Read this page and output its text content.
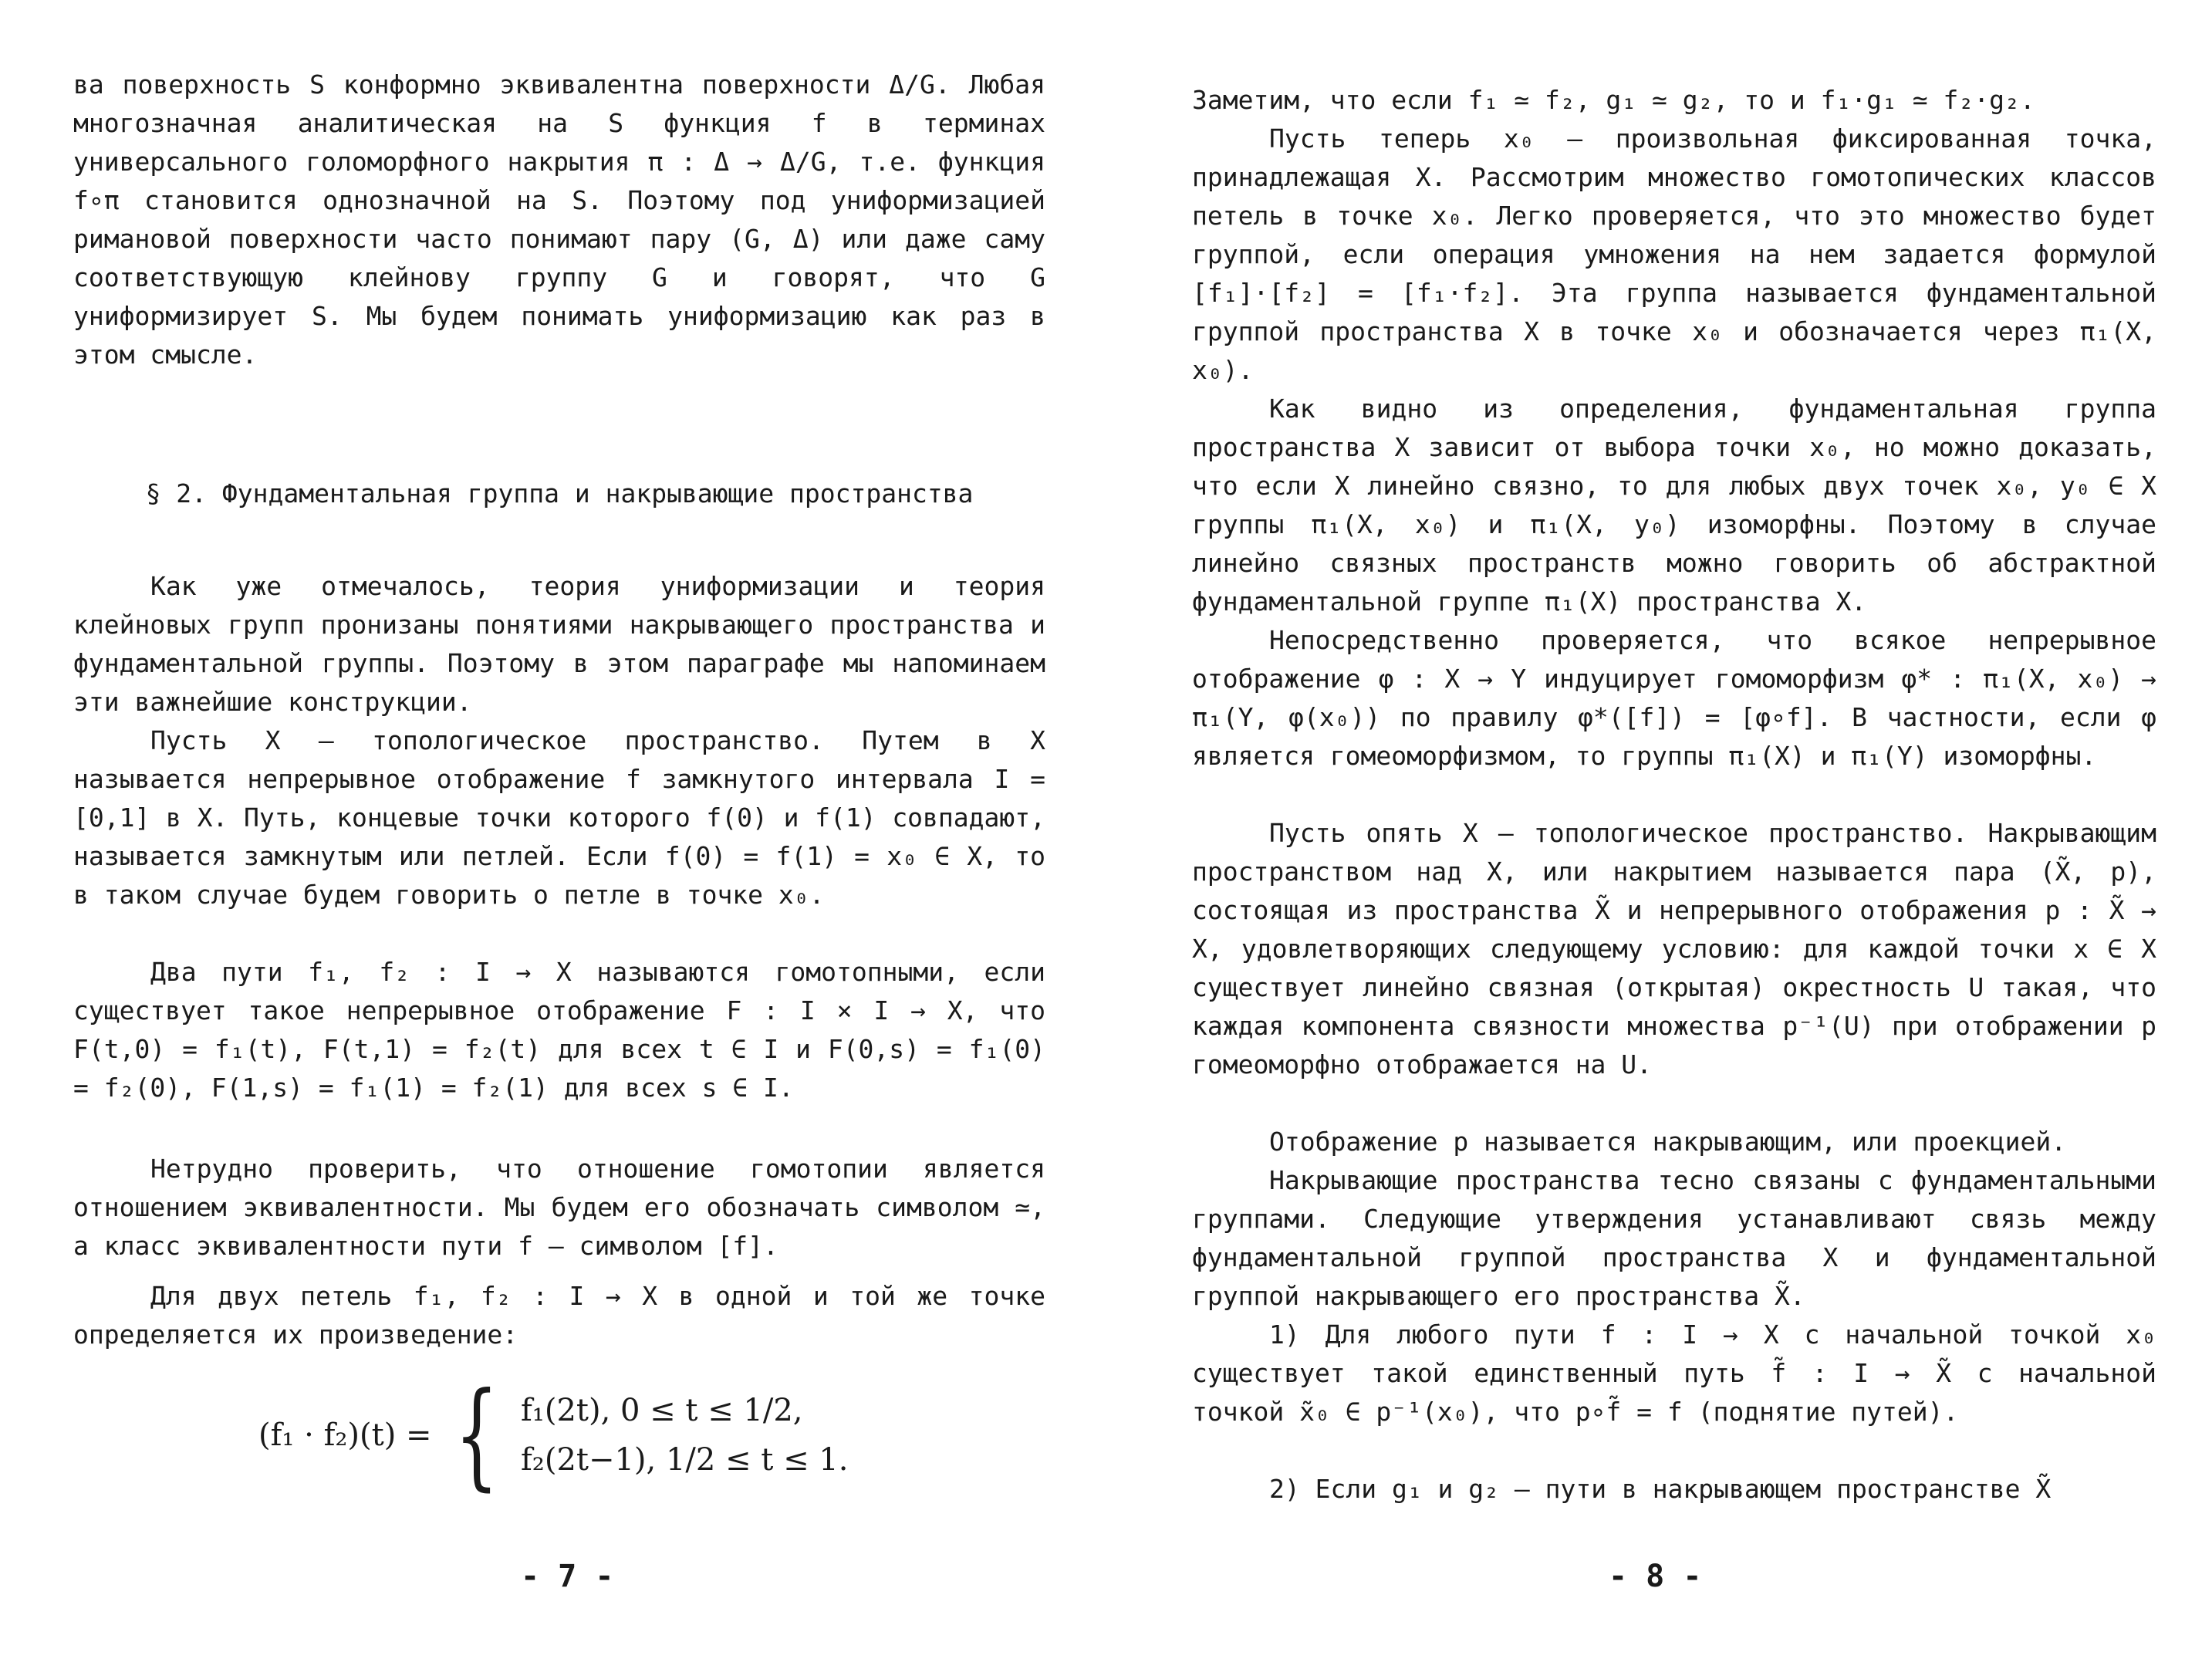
ва поверхность S конформно эквивалентна поверхности Δ/G. Любая многозначная аналитическая на S функция f в терминах универсального голоморфного накрытия π : Δ → Δ/G, т.е. функция f∘π становится однозначной на S. Поэтому под униформизацией римановой поверхности часто понимают пару (G, Δ) или даже саму соответствующую клейнову группу G и говорят, что G униформизирует S. Мы будем понимать униформизацию как раз в этом смысле.

§ 2. Фундаментальная группа и накрывающие пространства

Как уже отмечалось, теория униформизации и теория клейновых групп пронизаны понятиями накрывающего пространства и фундаментальной группы. Поэтому в этом параграфе мы напоминаем эти важнейшие конструкции.

Пусть X – топологическое пространство. Путем в X называется непрерывное отображение f замкнутого интервала I = [0,1] в X. Путь, концевые точки которого f(0) и f(1) совпадают, называется замкнутым или петлей. Если f(0) = f(1) = x₀ ∈ X, то в таком случае будем говорить о петле в точке x₀.

Два пути f₁, f₂ : I → X называются гомотопными, если существует такое непрерывное отображение F : I × I → X, что F(t,0) = f₁(t), F(t,1) = f₂(t) для всех t ∈ I и F(0,s) = f₁(0) = f₂(0), F(1,s) = f₁(1) = f₂(1) для всех s ∈ I.

Нетрудно проверить, что отношение гомотопии является отношением эквивалентности. Мы будем его обозначать символом ≃, а класс эквивалентности пути f – символом [f].

Для двух петель f₁, f₂ : I → X в одной и той же точке определяется их произведение:

(f₁ · f₂)(t) = { f₁(2t), 0 ≤ t ≤ 1/2,
f₂(2t−1), 1/2 ≤ t ≤ 1.
- 7 -

Заметим, что если f₁ ≃ f₂, g₁ ≃ g₂, то и f₁·g₁ ≃ f₂·g₂.

Пусть теперь x₀ – произвольная фиксированная точка, принадлежащая X. Рассмотрим множество гомотопических классов петель в точке x₀. Легко проверяется, что это множество будет группой, если операция умножения на нем задается формулой [f₁]·[f₂] = [f₁·f₂]. Эта группа называется фундаментальной группой пространства X в точке x₀ и обозначается через π₁(X, x₀).

Как видно из определения, фундаментальная группа пространства X зависит от выбора точки x₀, но можно доказать, что если X линейно связно, то для любых двух точек x₀, y₀ ∈ X группы π₁(X, x₀) и π₁(X, y₀) изоморфны. Поэтому в случае линейно связных пространств можно говорить об абстрактной фундаментальной группе π₁(X) пространства X.

Непосредственно проверяется, что всякое непрерывное отображение φ : X → Y индуцирует гомоморфизм φ* : π₁(X, x₀) → π₁(Y, φ(x₀)) по правилу φ*([f]) = [φ∘f]. В частности, если φ является гомеоморфизмом, то группы π₁(X) и π₁(Y) изоморфны.

Пусть опять X – топологическое пространство. Накрывающим пространством над X, или накрытием называется пара (X̃, p), состоящая из пространства X̃ и непрерывного отображения p : X̃ → X, удовлетворяющих следующему условию: для каждой точки x ∈ X существует линейно связная (открытая) окрестность U такая, что каждая компонента связности множества p⁻¹(U) при отображении p гомеоморфно отображается на U.

Отображение p называется накрывающим, или проекцией.

Накрывающие пространства тесно связаны с фундаментальными группами. Следующие утверждения устанавливают связь между фундаментальной группой пространства X и фундаментальной группой накрывающего его пространства X̃.

1) Для любого пути f : I → X с начальной точкой x₀ существует такой единственный путь f̃ : I → X̃ с начальной точкой x̃₀ ∈ p⁻¹(x₀), что p∘f̃ = f (поднятие путей).

2) Если g₁ и g₂ – пути в накрывающем пространстве X̃

- 8 -
